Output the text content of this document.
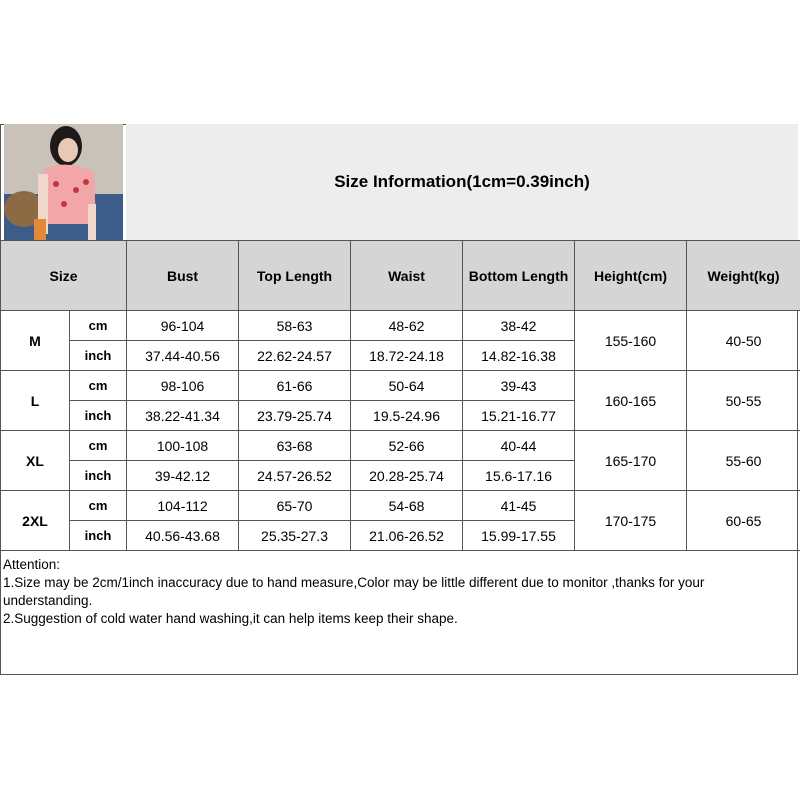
Size Information(1cm=0.39inch)
Size		Bust	Top Length	Waist	Bottom Length	Height(cm)	Weight(kg)
M	cm	96-104	58-63	48-62	38-42	155-160	40-50
	inch	37.44-40.56	22.62-24.57	18.72-24.18	14.82-16.38		
L	cm	98-106	61-66	50-64	39-43	160-165	50-55
	inch	38.22-41.34	23.79-25.74	19.5-24.96	15.21-16.77		
XL	cm	100-108	63-68	52-66	40-44	165-170	55-60
	inch	39-42.12	24.57-26.52	20.28-25.74	15.6-17.16		
2XL	cm	104-112	65-70	54-68	41-45	170-175	60-65
	inch	40.56-43.68	25.35-27.3	21.06-26.52	15.99-17.55		

Attention:

1.Size may be 2cm/1inch inaccuracy due to hand measure,Color may be little different due to monitor ,thanks for your understanding.

2.Suggestion of cold water hand washing,it can help items keep their shape.
